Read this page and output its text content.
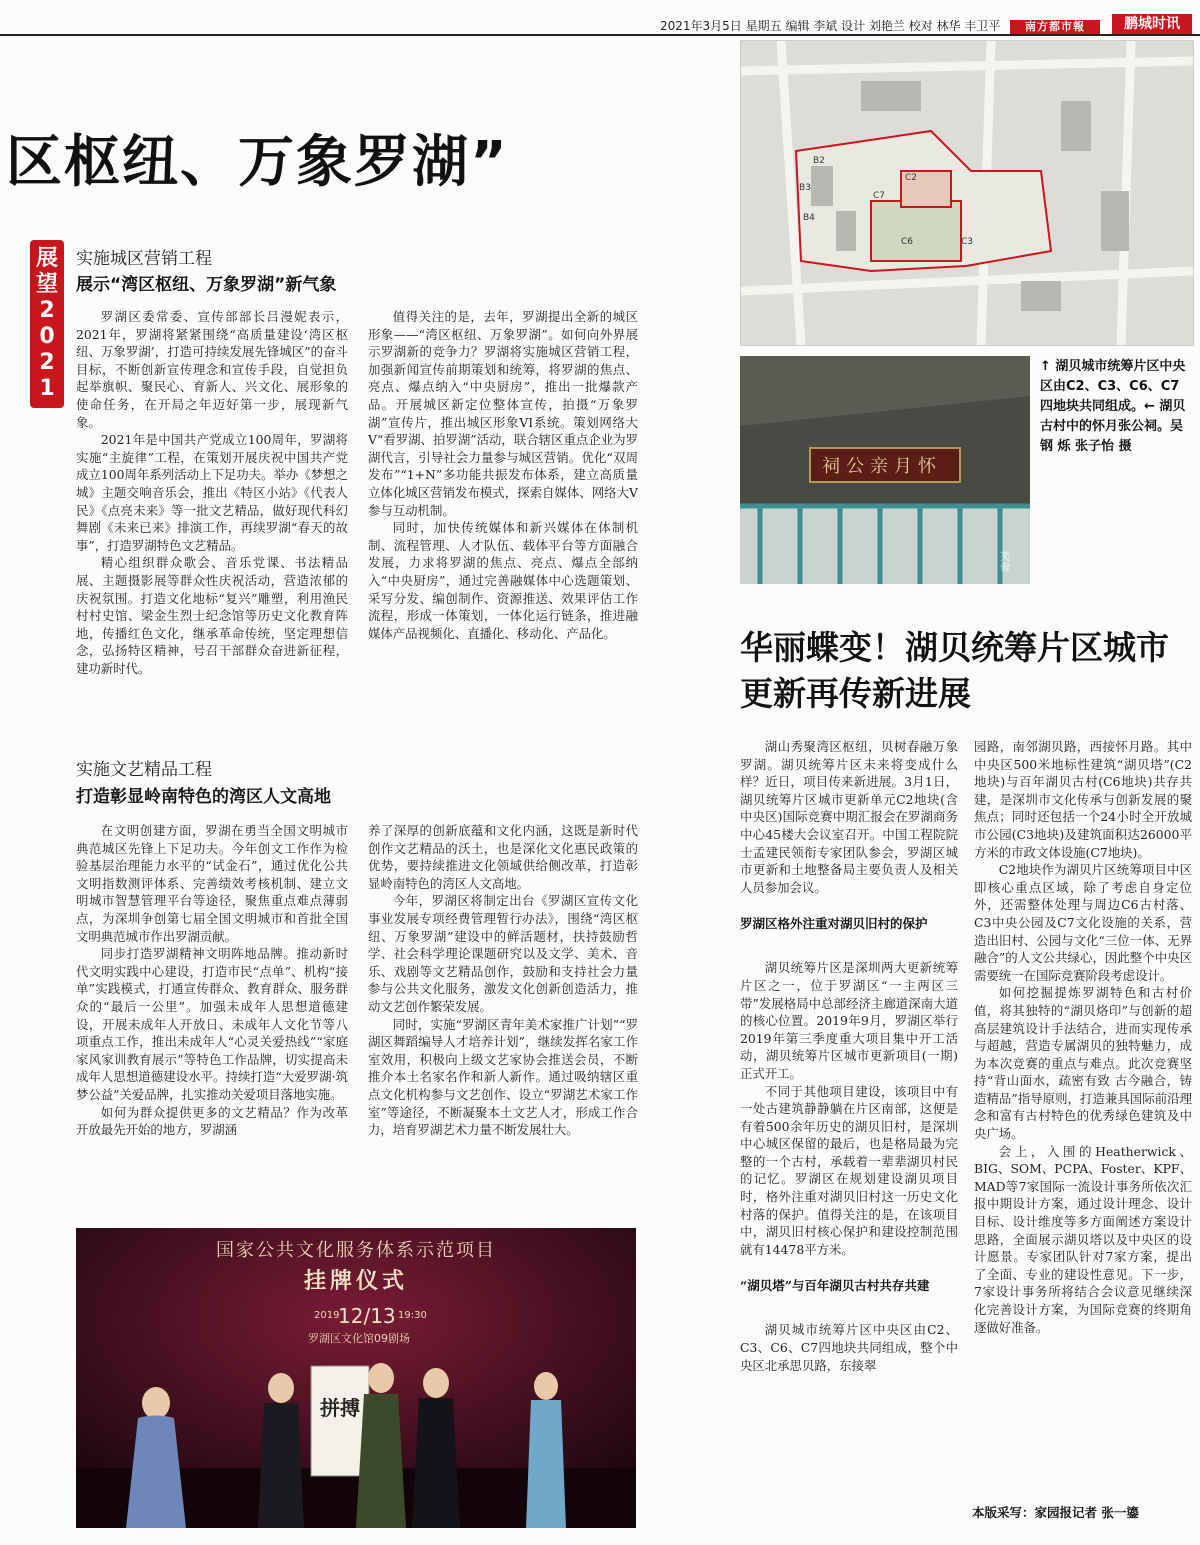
2021年3月5日 星期五 编辑 李斌 设计 刘艳兰 校对 林华 丰卫平	南方都市報	鹏城时讯
区枢纽、万象罗湖”
展望2021
实施城区营销工程
展示“湾区枢纽、万象罗湖”新气象

罗湖区委常委、宣传部部长吕漫妮表示，2021年，罗湖将紧紧围绕“高质量建设‘湾区枢纽、万象罗湖’，打造可持续发展先锋城区”的奋斗目标，不断创新宣传理念和宣传手段，自觉担负起举旗帜、聚民心、育新人、兴文化、展形象的使命任务，在开局之年迈好第一步，展现新气象。

2021年是中国共产党成立100周年，罗湖将实施“主旋律”工程，在策划开展庆祝中国共产党成立100周年系列活动上下足功夫。举办《梦想之城》主题交响音乐会，推出《特区小站》《代表人民》《点亮未来》等一批文艺精品，做好现代科幻舞剧《未来已来》排演工作，再续罗湖“春天的故事”，打造罗湖特色文艺精品。

精心组织群众歌会、音乐党课、书法精品展、主题摄影展等群众性庆祝活动，营造浓郁的庆祝氛围。打造文化地标“复兴”雕塑，利用渔民村村史馆、梁金生烈士纪念馆等历史文化教育阵地，传播红色文化，继承革命传统，坚定理想信念，弘扬特区精神，号召干部群众奋进新征程，建功新时代。

值得关注的是，去年，罗湖提出全新的城区形象——“湾区枢纽、万象罗湖”。如何向外界展示罗湖新的竞争力？罗湖将实施城区营销工程，加强新闻宣传前期策划和统筹，将罗湖的焦点、亮点、爆点纳入“中央厨房”，推出一批爆款产品。开展城区新定位整体宣传，拍摄“万象罗湖”宣传片，推出城区形象VI系统。策划网络大V“看罗湖、拍罗湖”活动，联合辖区重点企业为罗湖代言，引导社会力量参与城区营销。优化“双周发布”“1+N”多功能共振发布体系，建立高质量立体化城区营销发布模式，探索自媒体、网络大V参与互动机制。

同时，加快传统媒体和新兴媒体在体制机制、流程管理、人才队伍、载体平台等方面融合发展，力求将罗湖的焦点、亮点、爆点全部纳入“中央厨房”，通过完善融媒体中心选题策划、采写分发、编创制作、资源推送、效果评估工作流程，形成一体策划，一体化运行链条，推进融媒体产品视频化、直播化、移动化、产品化。

实施文艺精品工程
打造彰显岭南特色的湾区人文高地

在文明创建方面，罗湖在勇当全国文明城市典范城区先锋上下足功夫。今年创文工作作为检验基层治理能力水平的“试金石”，通过优化公共文明指数测评体系、完善绩效考核机制、建立文明城市智慧管理平台等途径，聚焦重点难点薄弱点，为深圳争创第七届全国文明城市和首批全国文明典范城市作出罗湖贡献。

同步打造罗湖精神文明阵地品牌。推动新时代文明实践中心建设，打造市民“点单”、机构“接单”实践模式，打通宣传群众、教育群众、服务群众的“最后一公里”。加强未成年人思想道德建设，开展未成年人开放日、未成年人文化节等八项重点工作，推出未成年人“心灵关爱热线”“家庭家风家训教育展示”等特色工作品牌，切实提高未成年人思想道德建设水平。持续打造“大爱罗湖·筑梦公益”关爱品牌，扎实推动关爱项目落地实施。

如何为群众提供更多的文艺精品？作为改革开放最先开始的地方，罗湖涵

养了深厚的创新底蕴和文化内涵，这既是新时代创作文艺精品的沃土，也是深化文化惠民政策的优势，要持续推进文化领域供给侧改革，打造彰显岭南特色的湾区人文高地。

今年，罗湖区将制定出台《罗湖区宣传文化事业发展专项经费管理暂行办法》，围绕“湾区枢纽、万象罗湖”建设中的鲜活题材，扶持鼓励哲学、社会科学理论课题研究以及文学、美术、音乐、戏剧等文艺精品创作，鼓励和支持社会力量参与公共文化服务，激发文化创新创造活力，推动文艺创作繁荣发展。

同时，实施“罗湖区青年美术家推广计划”“罗湖区舞蹈编导人才培养计划”，继续发挥名家工作室效用，积极向上级文艺家协会推送会员，不断推介本土名家名作和新人新作。通过吸纳辖区重点文化机构参与文艺创作、设立“罗湖艺术家工作室”等途径，不断凝聚本土文艺人才，形成工作合力，培育罗湖艺术力量不断发展壮大。

国家公共文化服务体系示范项目
挂牌仪式
2019
12/13 19:30
罗湖区文化馆09剧场
拼搏
B3
C7
C2
C6	C3
B2
B4
祠公亲月怀
芙蓉
↑ 湖贝城市统筹片区中央区由C2、C3、C6、C7四地块共同组成。← 湖贝古村中的怀月张公祠。吴钢 烁 张子怡 摄
华丽蝶变！湖贝统筹片区城市更新再传新进展

湖山秀聚湾区枢纽，贝树春融万象罗湖。湖贝统筹片区未来将变成什么样？近日，项目传来新进展。3月1日，湖贝统筹片区城市更新单元C2地块(含中央区)国际竞赛中期汇报会在罗湖商务中心45楼大会议室召开。中国工程院院士孟建民领衔专家团队参会，罗湖区城市更新和土地整备局主要负责人及相关人员参加会议。

罗湖区格外注重对湖贝旧村的保护

湖贝统筹片区是深圳两大更新统筹片区之一，位于罗湖区“一主两区三带”发展格局中总部经济主廊道深南大道的核心位置。2019年9月，罗湖区举行2019年第三季度重大项目集中开工活动，湖贝统筹片区城市更新项目(一期)正式开工。

不同于其他项目建设，该项目中有一处古建筑静静躺在片区南部，这便是有着500余年历史的湖贝旧村，是深圳中心城区保留的最后，也是格局最为完整的一个古村，承载着一辈辈湖贝村民的记忆。罗湖区在规划建设湖贝项目时，格外注重对湖贝旧村这一历史文化村落的保护。值得关注的是，在该项目中，湖贝旧村核心保护和建设控制范围就有14478平方米。

“湖贝塔”与百年湖贝古村共存共建

湖贝城市统筹片区中央区由C2、C3、C6、C7四地块共同组成，整个中央区北承思贝路，东接翠

园路，南邻湖贝路，西接怀月路。其中中央区500米地标性建筑“湖贝塔”(C2地块)与百年湖贝古村(C6地块)共存共建，是深圳市文化传承与创新发展的聚焦点；同时还包括一个24小时全开放城市公园(C3地块)及建筑面积达26000平方米的市政文体设施(C7地块)。

C2地块作为湖贝片区统筹项目中区即核心重点区域，除了考虑自身定位外，还需整体处理与周边C6古村落、C3中央公园及C7文化设施的关系，营造出旧村、公园与文化“三位一体、无界融合”的人文公共绿心，因此整个中央区需要统一在国际竞赛阶段考虑设计。

如何挖掘提炼罗湖特色和古村价值，将其独特的“湖贝烙印”与创新的超高层建筑设计手法结合，进而实现传承与超越，营造专属湖贝的独特魅力，成为本次竞赛的重点与难点。此次竞赛坚持“背山面水，疏密有致 古今融合，铸造精品”指导原则，打造兼具国际前沿理念和富有古村特色的优秀绿色建筑及中央广场。

会上，入围的Heatherwick、BIG、SOM、PCPA、Foster、KPF、MAD等7家国际一流设计事务所依次汇报中期设计方案，通过设计理念、设计目标、设计维度等多方面阐述方案设计思路，全面展示湖贝塔以及中央区的设计愿景。专家团队针对7家方案，提出了全面、专业的建设性意见。下一步，7家设计事务所将结合会议意见继续深化完善设计方案，为国际竞赛的终期角逐做好准备。

本版采写：家园报记者 张一鎏
